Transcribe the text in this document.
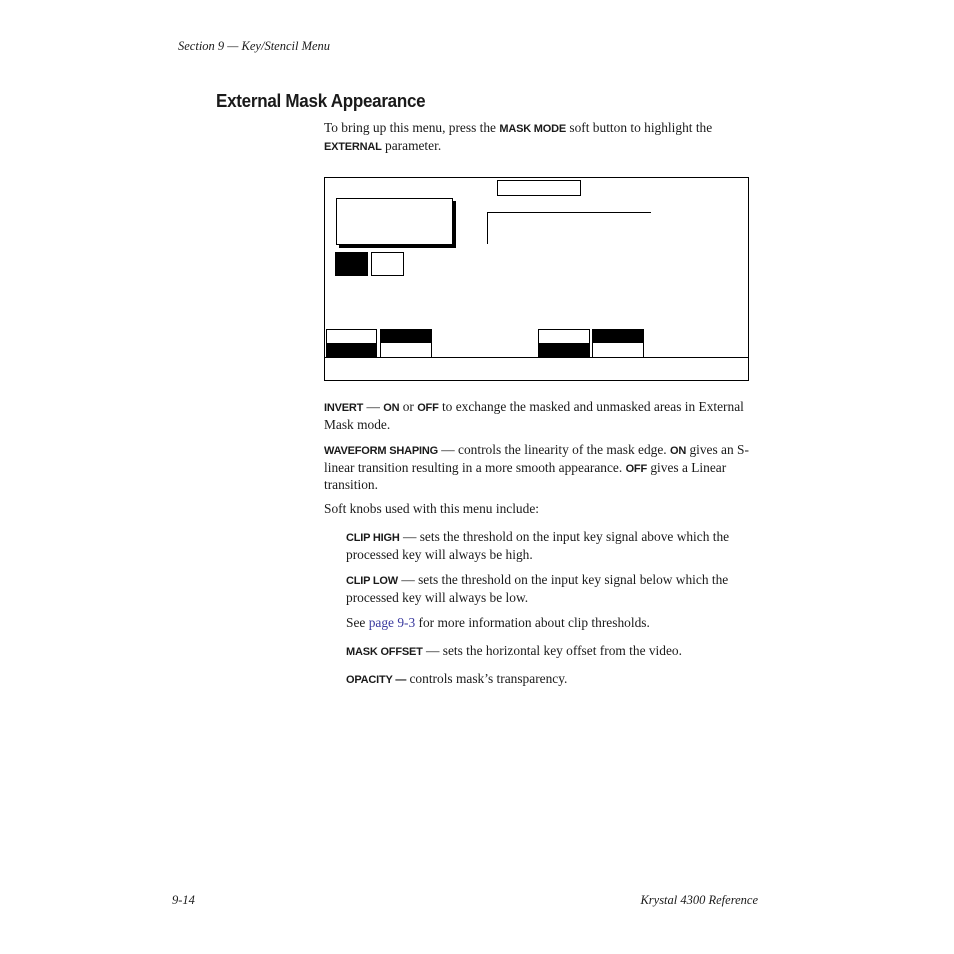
Section 9 — Key/Stencil Menu
External Mask Appearance
To bring up this menu, press the MASK MODE soft button to highlight the
EXTERNAL parameter.
INVERT — ON or OFF to exchange the masked and unmasked areas in External
Mask mode.
WAVEFORM SHAPING — controls the linearity of the mask edge. ON gives an S-
linear transition resulting in a more smooth appearance. OFF gives a Linear
transition.
Soft knobs used with this menu include:
CLIP HIGH — sets the threshold on the input key signal above which the
processed key will always be high.
CLIP LOW — sets the threshold on the input key signal below which the
processed key will always be low.
See page 9-3 for more information about clip thresholds.
MASK OFFSET — sets the horizontal key offset from the video.
OPACITY — controls mask’s transparency.
9-14	Krystal 4300 Reference
